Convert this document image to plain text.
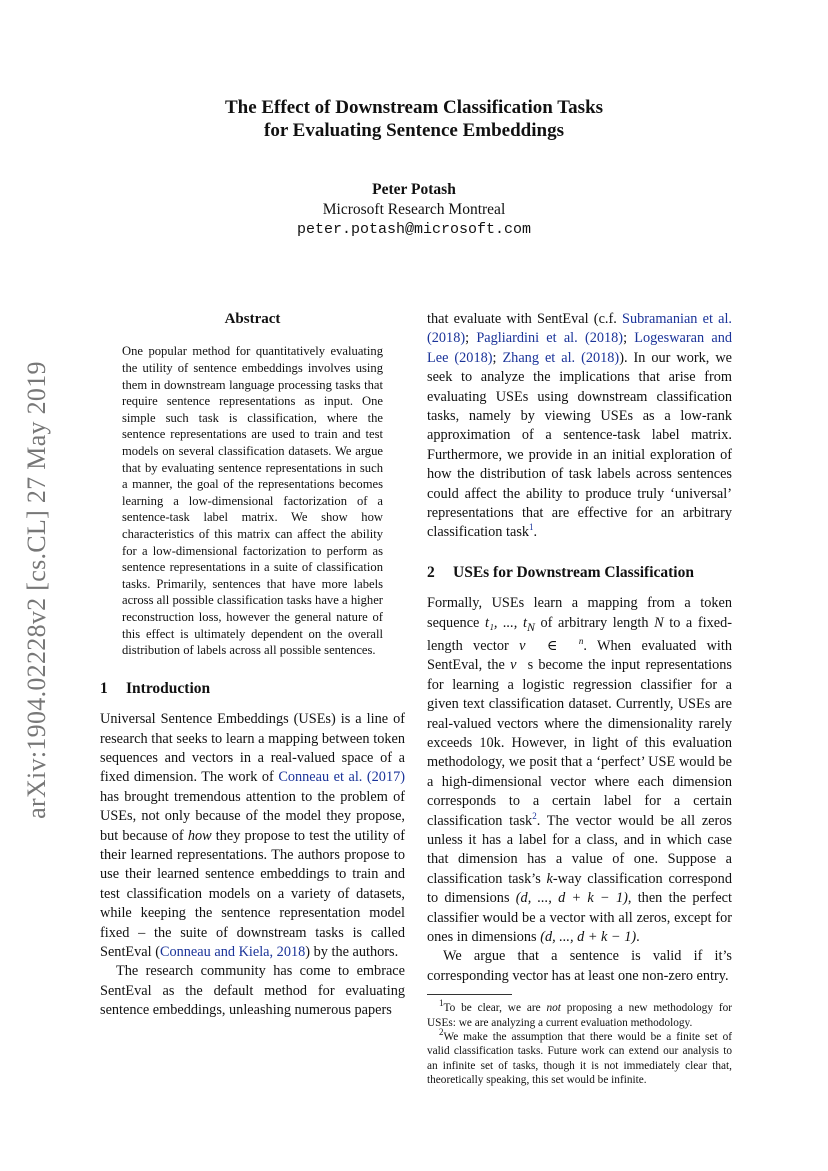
arXiv:1904.02228v2 [cs.CL] 27 May 2019
The Effect of Downstream Classification Tasks
for Evaluating Sentence Embeddings
Peter Potash
Microsoft Research Montreal
peter.potash@microsoft.com
Abstract

One popular method for quantitatively evaluating the utility of sentence embeddings involves using them in downstream language processing tasks that require sentence representations as input. One simple such task is classification, where the sentence representations are used to train and test models on several classification datasets. We argue that by evaluating sentence representations in such a manner, the goal of the representations becomes learning a low-dimensional factorization of a sentence-task label matrix. We show how characteristics of this matrix can affect the ability for a low-dimensional factorization to perform as sentence representations in a suite of classification tasks. Primarily, sentences that have more labels across all possible classification tasks have a higher reconstruction loss, however the general nature of this effect is ultimately dependent on the overall distribution of labels across all possible sentences.

1 Introduction

Universal Sentence Embeddings (USEs) is a line of research that seeks to learn a mapping between token sequences and vectors in a real-valued space of a fixed dimension. The work of Conneau et al. (2017) has brought tremendous attention to the problem of USEs, not only because of the model they propose, but because of how they propose to test the utility of their learned representations. The authors propose to use their learned sentence embeddings to train and test classification models on a variety of datasets, while keeping the sentence representation model fixed – the suite of downstream tasks is called SentEval (Conneau and Kiela, 2018) by the authors.

The research community has come to embrace SentEval as the default method for evaluating sentence embeddings, unleashing numerous papers

that evaluate with SentEval (c.f. Subramanian et al. (2018); Pagliardini et al. (2018); Logeswaran and Lee (2018); Zhang et al. (2018)). In our work, we seek to analyze the implications that arise from evaluating USEs using downstream classification tasks, namely by viewing USEs as a low-rank approximation of a sentence-task label matrix. Furthermore, we provide in an initial exploration of how the distribution of task labels across sentences could affect the ability to produce truly ‘universal’ representations that are effective for an arbitrary classification task$^1$.

2 USEs for Downstream Classification

Formally, USEs learn a mapping from a token sequence t₁, ..., $t_N$ of arbitrary length N to a fixed-length vector v⃗ ∈ ℝ$^n$. When evaluated with SentEval, the v⃗s become the input representations for learning a logistic regression classifier for a given text classification dataset. Currently, USEs are real-valued vectors where the dimensionality rarely exceeds 10k. However, in light of this evaluation methodology, we posit that a ‘perfect’ USE would be a high-dimensional vector where each dimension corresponds to a certain label for a certain classification task$^2$. The vector would be all zeros unless it has a label for a class, and in which case that dimension has a value of one. Suppose a classification task’s k-way classification correspond to dimensions (d, ..., d + k − 1), then the perfect classifier would be a vector with all zeros, except for ones in dimensions (d, ..., d + k − 1).

We argue that a sentence is valid if it’s corresponding vector has at least one non-zero entry.

$^1$To be clear, we are not proposing a new methodology for USEs: we are analyzing a current evaluation methodology.

$^2$We make the assumption that there would be a finite set of valid classification tasks. Future work can extend our analysis to an infinite set of tasks, though it is not immediately clear that, theoretically speaking, this set would be infinite.
